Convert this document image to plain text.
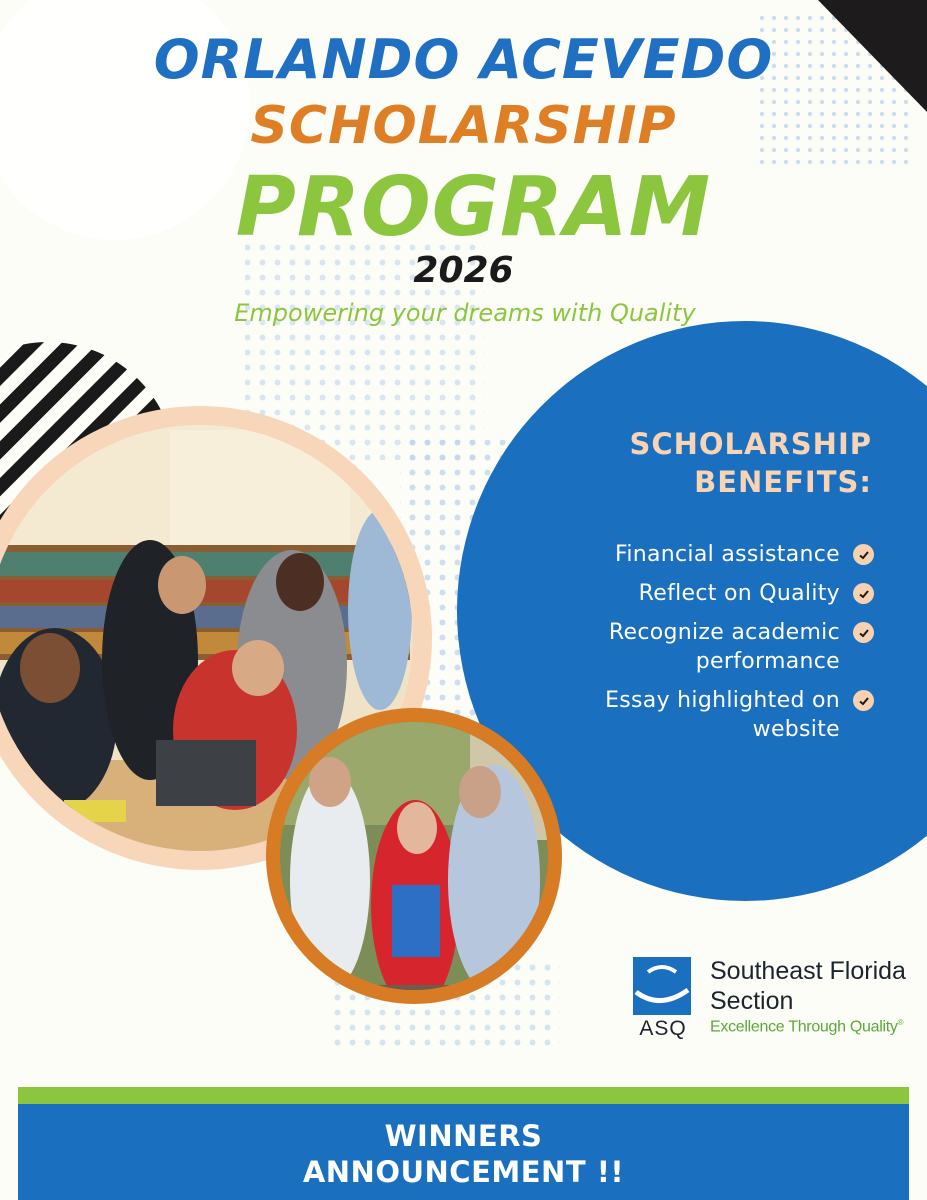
ORLANDO ACEVEDO
SCHOLARSHIP
PROGRAM
2026

Empowering your dreams with Quality

SCHOLARSHIP
BENEFITS:
Financial assistance
Reflect on Quality
Recognize academic performance
Essay highlighted on website
ASQ
Southeast Florida
Section
Excellence Through Quality®

WINNERS
ANNOUNCEMENT !!
